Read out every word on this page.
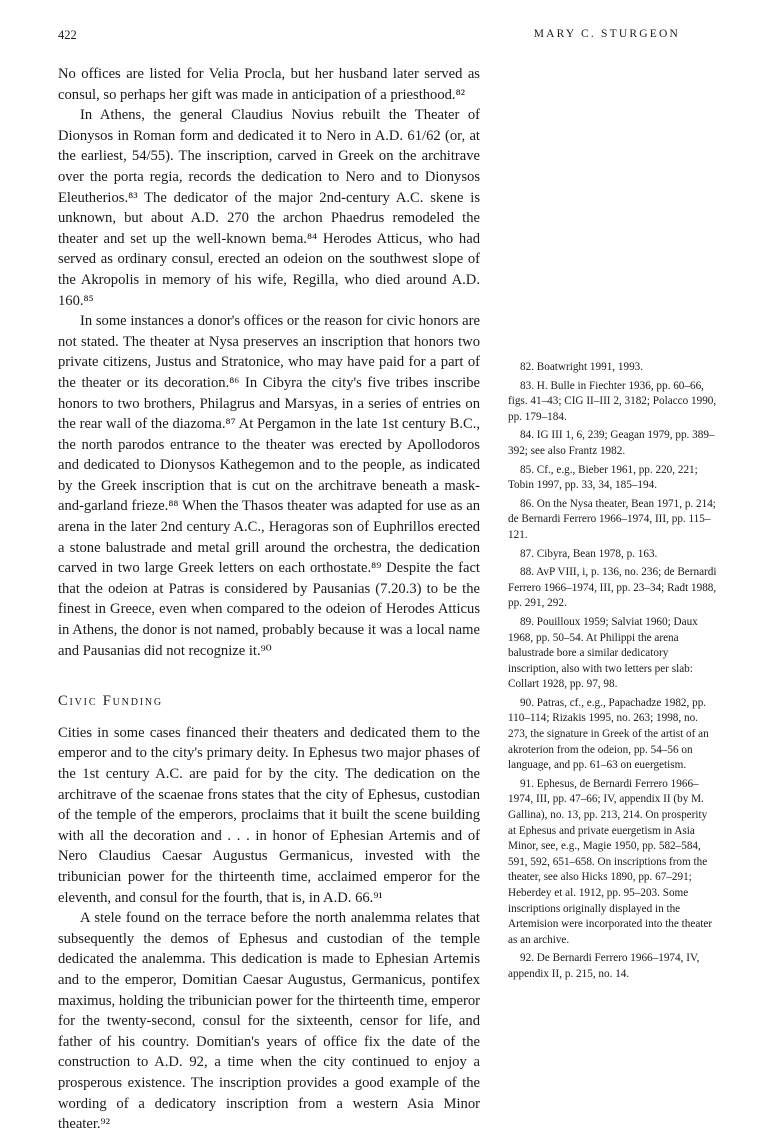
422	MARY C. STURGEON

No offices are listed for Velia Procla, but her husband later served as consul, so perhaps her gift was made in anticipation of a priesthood.⁸²

In Athens, the general Claudius Novius rebuilt the Theater of Dionysos in Roman form and dedicated it to Nero in A.D. 61/62 (or, at the earliest, 54/55). The inscription, carved in Greek on the architrave over the porta regia, records the dedication to Nero and to Dionysos Eleutherios.⁸³ The dedicator of the major 2nd-century A.C. skene is unknown, but about A.D. 270 the archon Phaedrus remodeled the theater and set up the well-known bema.⁸⁴ Herodes Atticus, who had served as ordinary consul, erected an odeion on the southwest slope of the Akropolis in memory of his wife, Regilla, who died around A.D. 160.⁸⁵

In some instances a donor's offices or the reason for civic honors are not stated. The theater at Nysa preserves an inscription that honors two private citizens, Justus and Stratonice, who may have paid for a part of the theater or its decoration.⁸⁶ In Cibyra the city's five tribes inscribe honors to two brothers, Philagrus and Marsyas, in a series of entries on the rear wall of the diazoma.⁸⁷ At Pergamon in the late 1st century B.C., the north parodos entrance to the theater was erected by Apollodoros and dedicated to Dionysos Kathegemon and to the people, as indicated by the Greek inscription that is cut on the architrave beneath a mask-and-garland frieze.⁸⁸ When the Thasos theater was adapted for use as an arena in the later 2nd century A.C., Heragoras son of Euphrillos erected a stone balustrade and metal grill around the orchestra, the dedication carved in two large Greek letters on each orthostate.⁸⁹ Despite the fact that the odeion at Patras is considered by Pausanias (7.20.3) to be the finest in Greece, even when compared to the odeion of Herodes Atticus in Athens, the donor is not named, probably because it was a local name and Pausanias did not recognize it.⁹⁰

Civic Funding

Cities in some cases financed their theaters and dedicated them to the emperor and to the city's primary deity. In Ephesus two major phases of the 1st century A.C. are paid for by the city. The dedication on the architrave of the scaenae frons states that the city of Ephesus, custodian of the temple of the emperors, proclaims that it built the scene building with all the decoration and . . . in honor of Ephesian Artemis and of Nero Claudius Caesar Augustus Germanicus, invested with the tribunician power for the thirteenth time, acclaimed emperor for the eleventh, and consul for the fourth, that is, in A.D. 66.⁹¹

A stele found on the terrace before the north analemma relates that subsequently the demos of Ephesus and custodian of the temple dedicated the analemma. This dedication is made to Ephesian Artemis and to the emperor, Domitian Caesar Augustus, Germanicus, pontifex maximus, holding the tribunician power for the thirteenth time, emperor for the twenty-second, consul for the sixteenth, censor for life, and father of his country. Domitian's years of office fix the date of the construction to A.D. 92, a time when the city continued to enjoy a prosperous existence. The inscription provides a good example of the wording of a dedicatory inscription from a western Asia Minor theater.⁹²

82. Boatwright 1991, 1993.

83. H. Bulle in Fiechter 1936, pp. 60–66, figs. 41–43; CIG II–III 2, 3182; Polacco 1990, pp. 179–184.

84. IG III 1, 6, 239; Geagan 1979, pp. 389–392; see also Frantz 1982.

85. Cf., e.g., Bieber 1961, pp. 220, 221; Tobin 1997, pp. 33, 34, 185–194.

86. On the Nysa theater, Bean 1971, p. 214; de Bernardi Ferrero 1966–1974, III, pp. 115–121.

87. Cibyra, Bean 1978, p. 163.

88. AvP VIII, i, p. 136, no. 236; de Bernardi Ferrero 1966–1974, III, pp. 23–34; Radt 1988, pp. 291, 292.

89. Pouilloux 1959; Salviat 1960; Daux 1968, pp. 50–54. At Philippi the arena balustrade bore a similar dedicatory inscription, also with two letters per slab: Collart 1928, pp. 97, 98.

90. Patras, cf., e.g., Papachadze 1982, pp. 110–114; Rizakis 1995, no. 263; 1998, no. 273, the signature in Greek of the artist of an akroterion from the odeion, pp. 54–56 on language, and pp. 61–63 on euergetism.

91. Ephesus, de Bernardi Ferrero 1966–1974, III, pp. 47–66; IV, appendix II (by M. Gallina), no. 13, pp. 213, 214. On prosperity at Ephesus and private euergetism in Asia Minor, see, e.g., Magie 1950, pp. 582–584, 591, 592, 651–658. On inscriptions from the theater, see also Hicks 1890, pp. 67–291; Heberdey et al. 1912, pp. 95–203. Some inscriptions originally displayed in the Artemision were incorporated into the theater as an archive.

92. De Bernardi Ferrero 1966–1974, IV, appendix II, p. 215, no. 14.
